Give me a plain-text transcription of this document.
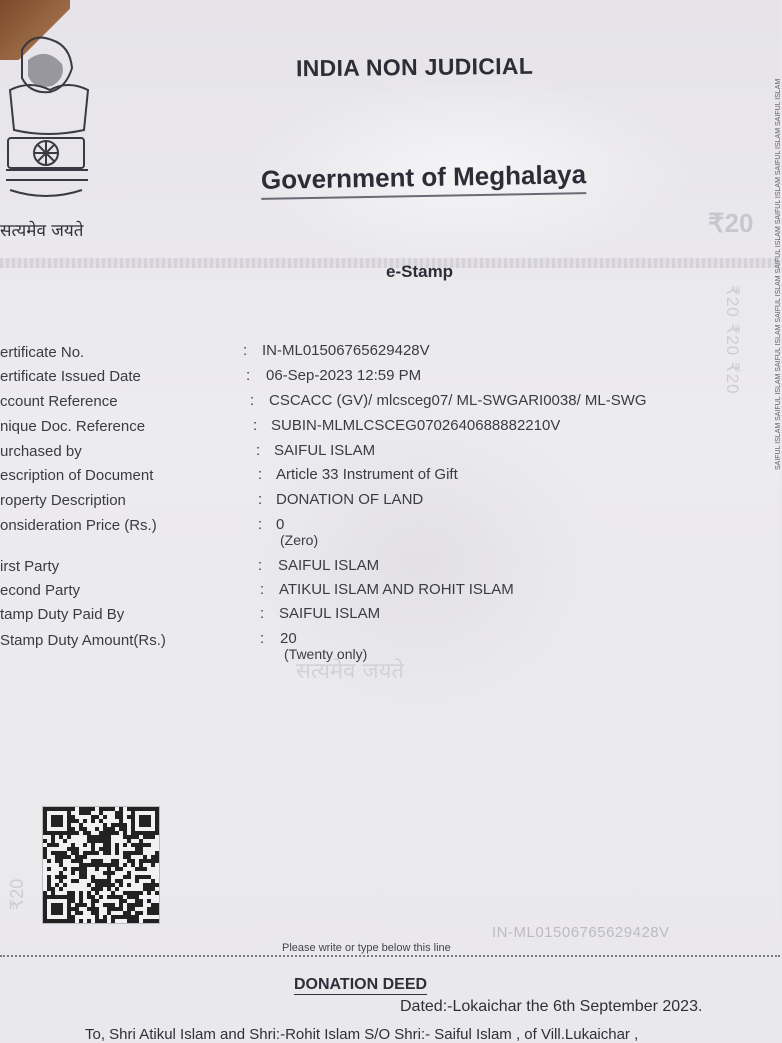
सत्यमेव जयते
INDIA NON JUDICIAL
Government of Meghalaya
₹20
e-Stamp
₹20 ₹20 ₹20	SAIFUL ISLAM SAIFUL ISLAM SAIFUL ISLAM SAIFUL ISLAM SAIFUL ISLAM SAIFUL ISLAM SAIFUL ISLAM SAIFUL ISLAM
ertificate No.	: IN-ML01506765629428V
ertificate Issued Date	: 06-Sep-2023 12:59 PM
ccount Reference	: CSCACC (GV)/ mlcsceg07/ ML-SWGARI0038/ ML-SWG
nique Doc. Reference	: SUBIN-MLMLCSCEG0702640688882210V
urchased by	: SAIFUL ISLAM
escription of Document	: Article 33 Instrument of Gift
roperty Description	: DONATION OF LAND
onsideration Price (Rs.)	: 0
(Zero)
irst Party	: SAIFUL ISLAM
econd Party	: ATIKUL ISLAM AND ROHIT ISLAM
tamp Duty Paid By	: SAIFUL ISLAM
Stamp Duty Amount(Rs.)	: 20
(Twenty only)
सत्यमेव जयते
₹20
IN-ML01506765629428V
Please write or type below this line
DONATION DEED
Dated:-Lokaichar the 6th September 2023.
To, Shri Atikul Islam and Shri:-Rohit Islam S/O Shri:- Saiful Islam , of Vill.Lukaichar ,
